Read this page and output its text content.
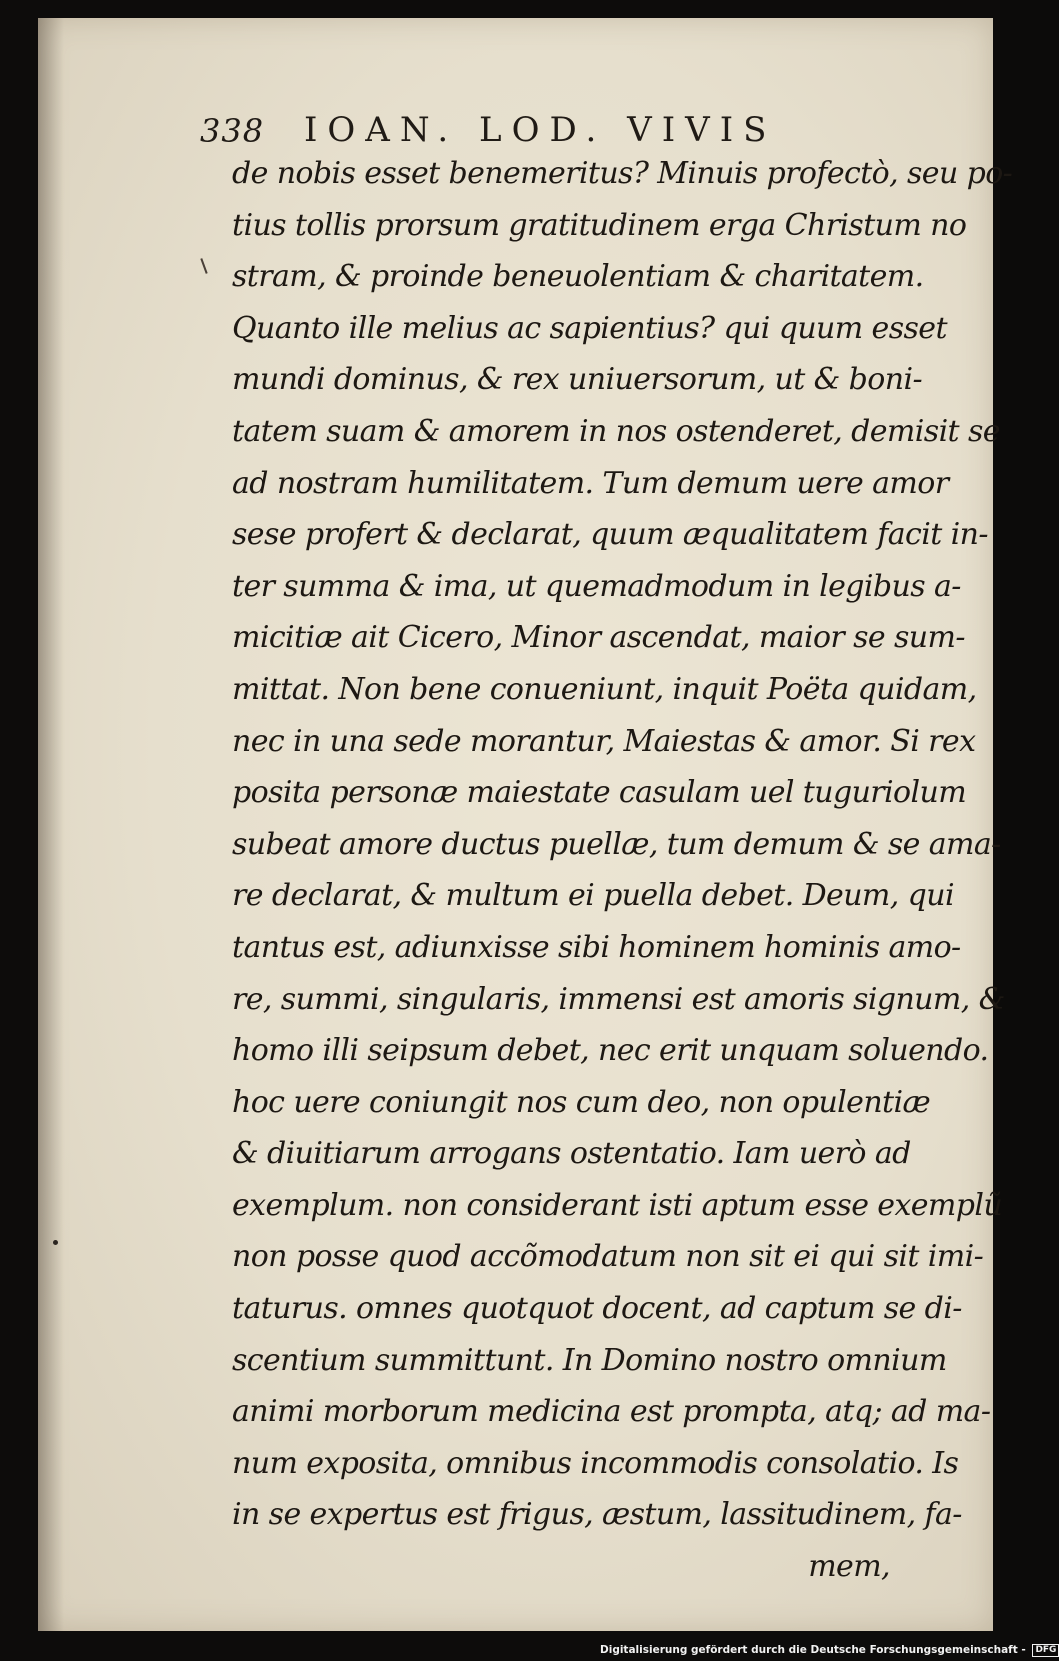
338 IOAN. LOD. VIVIS
de nobis esset benemeritus? Minuis profectò, seu po-
tius tollis prorsum gratitudinem erga Christum no
stram, & proinde beneuolentiam & charitatem.
Quanto ille melius ac sapientius? qui quum esset
mundi dominus, & rex uniuersorum, ut & boni-
tatem suam & amorem in nos ostenderet, demisit se
ad nostram humilitatem. Tum demum uere amor
sese profert & declarat, quum æqualitatem facit in-
ter summa & ima, ut quemadmodum in legibus a-
micitiæ ait Cicero, Minor ascendat, maior se sum-
mittat. Non bene conueniunt, inquit Poëta quidam,
nec in una sede morantur, Maiestas & amor. Si rex
posita personæ maiestate casulam uel tuguriolum
subeat amore ductus puellæ, tum demum & se ama-
re declarat, & multum ei puella debet. Deum, qui
tantus est, adiunxisse sibi hominem hominis amo-
re, summi, singularis, immensi est amoris signum, &
homo illi seipsum debet, nec erit unquam soluendo.
hoc uere coniungit nos cum deo, non opulentiæ
& diuitiarum arrogans ostentatio. Iam uerò ad
exemplum. non considerant isti aptum esse exemplũ
non posse quod accõmodatum non sit ei qui sit imi-
taturus. omnes quotquot docent, ad captum se di-
scentium summittunt. In Domino nostro omnium
animi morborum medicina est prompta, atq; ad ma-
num exposita, omnibus incommodis consolatio. Is
in se expertus est frigus, æstum, lassitudinem, fa-
mem,
Digitalisierung gefördert durch die Deutsche Forschungsgemeinschaft - DFG
